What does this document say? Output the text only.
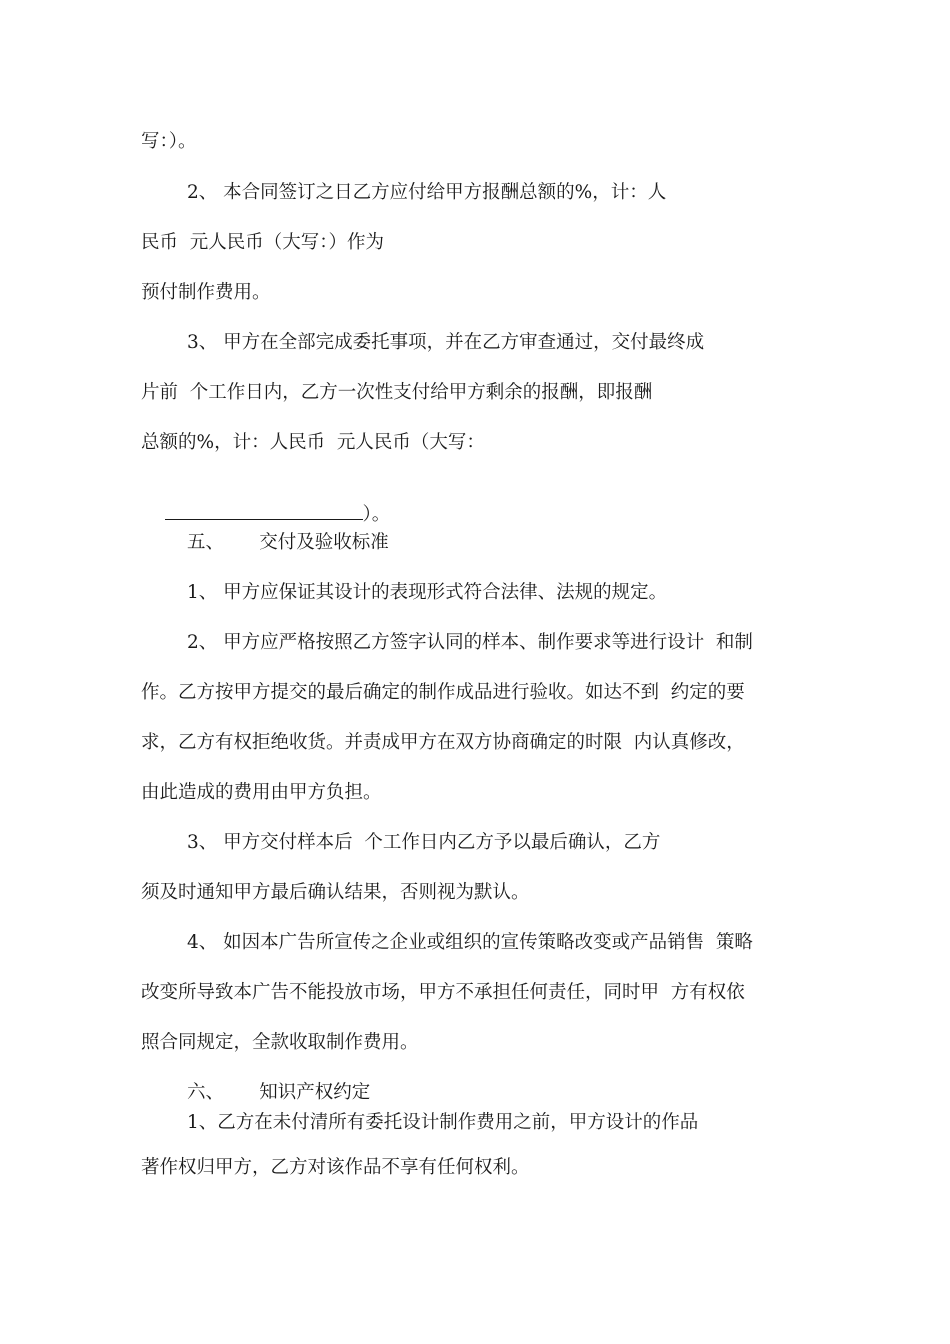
写：）。

2、 本合同签订之日乙方应付给甲方报酬总额的%，计：人

民币  元人民币（大写：）作为

预付制作费用。

3、 甲方在全部完成委托事项，并在乙方审查通过，交付最终成

片前  个工作日内，乙方一次性支付给甲方剩余的报酬，即报酬

总额的%，计：人民币  元人民币（大写：

）。

五、      交付及验收标准

1、 甲方应保证其设计的表现形式符合法律、法规的规定。

2、 甲方应严格按照乙方签字认同的样本、制作要求等进行设计  和制

作。乙方按甲方提交的最后确定的制作成品进行验收。如达不到  约定的要

求，乙方有权拒绝收货。并责成甲方在双方协商确定的时限  内认真修改，

由此造成的费用由甲方负担。

3、 甲方交付样本后  个工作日内乙方予以最后确认，乙方

须及时通知甲方最后确认结果，否则视为默认。

4、 如因本广告所宣传之企业或组织的宣传策略改变或产品销售  策略

改变所导致本广告不能投放市场，甲方不承担任何责任，同时甲  方有权依

照合同规定，全款收取制作费用。

六、      知识产权约定

1、乙方在未付清所有委托设计制作费用之前，甲方设计的作品

著作权归甲方，乙方对该作品不享有任何权利。
